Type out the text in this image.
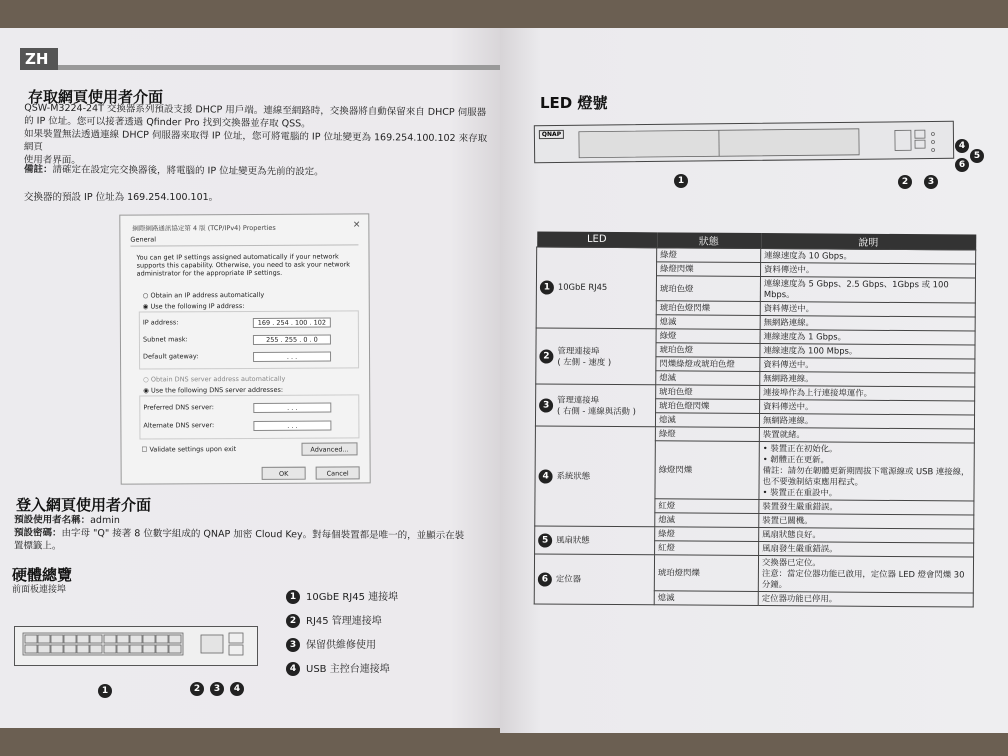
ZH
存取網頁使用者介面
QSW-M3224-24T 交換器系列預設支援 DHCP 用戶端。連線至網路時，交換器將自動保留來自 DHCP 伺服器
的 IP 位址。您可以接著透過 Qfinder Pro 找到交換器並存取 QSS。
如果裝置無法透過連線 DHCP 伺服器來取得 IP 位址，您可將電腦的 IP 位址變更為 169.254.100.102 來存取網頁
使用者界面。
備註：請確定在設定完交換器後，將電腦的 IP 位址變更為先前的設定。
交換器的預設 IP 位址為 169.254.100.101。
網際網路通訊協定第 4 版 (TCP/IPv4) Properties	✕
General
You can get IP settings assigned automatically if your network supports this capability. Otherwise, you need to ask your network administrator for the appropriate IP settings.
○ Obtain an IP address automatically
◉ Use the following IP address:
IP address:	169 . 254 . 100 . 102
Subnet mask:	255 . 255 . 0 . 0
Default gateway:	. . .
○ Obtain DNS server address automatically
◉ Use the following DNS server addresses:
Preferred DNS server:	. . .
Alternate DNS server:	. . .
☐ Validate settings upon exit	Advanced...
OK	Cancel
登入網頁使用者介面
預設使用者名稱：admin
預設密碼：由字母 "Q" 接著 8 位數字組成的 QNAP 加密 Cloud Key。對每個裝置都是唯一的，並顯示在裝
置標籤上。
硬體總覽
前面板連接埠
1	2	3	4
1 10GbE RJ45 連接埠
2 RJ45 管理連接埠
3 保留供維修使用
4 USB 主控台連接埠
LED 燈號
QNAP
1	2	3
4
5
6
LED	狀態	說明
1 10GbE RJ45	綠燈	連線速度為 10 Gbps。
	綠燈閃爍	資料傳送中。
	琥珀色燈	連線速度為 5 Gbps、2.5 Gbps、1Gbps 或 100 Mbps。
	琥珀色燈閃爍	資料傳送中。
	熄滅	無網路連線。
2管理連接埠
( 左側 - 速度 )	綠燈	連線速度為 1 Gbps。
	琥珀色燈	連線速度為 100 Mbps。
	閃爍綠燈或琥珀色燈	資料傳送中。
	熄滅	無網路連線。
3管理連接埠
( 右側 - 連線與活動 )	琥珀色燈	連接埠作為上行連接埠運作。
	琥珀色燈閃爍	資料傳送中。
	熄滅	無網路連線。
4 系統狀態	綠燈	裝置就緒。
	綠燈閃爍	• 裝置正在初始化。
• 韌體正在更新。
備註：請勿在韌體更新期間拔下電源線或 USB 連接線，也不要強制結束應用程式。
• 裝置正在重設中。
	紅燈	裝置發生嚴重錯誤。
	熄滅	裝置已關機。
5 風扇狀態	綠燈	風扇狀態良好。
	紅燈	風扇發生嚴重錯誤。
6 定位器	琥珀燈閃爍	交換器已定位。
注意：當定位器功能已啟用，定位器 LED 燈會閃爍 30 分鐘。
	熄滅	定位器功能已停用。
